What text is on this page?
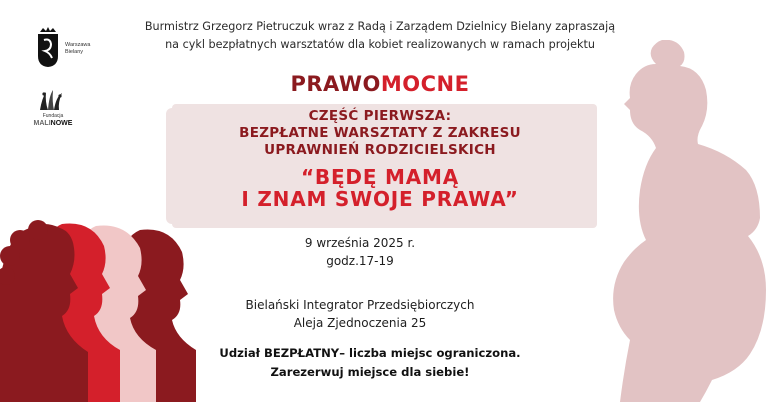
Warszawa
Bielany
Fundacja
MALINOWE
Burmistrz Grzegorz Pietruczuk wraz z Radą i Zarządem Dzielnicy Bielany zapraszają
na cykl bezpłatnych warsztatów dla kobiet realizowanych w ramach projektu
PRAWOMOCNE
CZĘŚĆ PIERWSZA:
BEZPŁATNE WARSZTATY Z ZAKRESU
UPRAWNIEŃ RODZICIELSKICH
“BĘDĘ MAMĄ
I ZNAM SWOJE PRAWA”
9 września 2025 r.
godz.17-19
Bielański Integrator Przedsiębiorczych
Aleja Zjednoczenia 25
Udział BEZPŁATNY– liczba miejsc ograniczona.
Zarezerwuj miejsce dla siebie!
